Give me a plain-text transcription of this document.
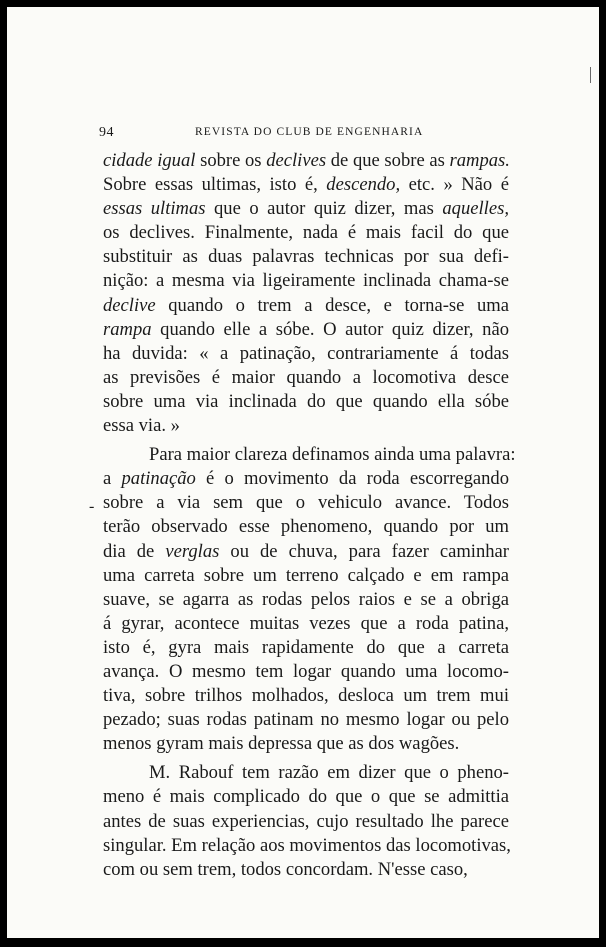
94	REVISTA DO CLUB DE ENGENHARIA
-
cidade igual sobre os declives de que sobre as rampas.
Sobre essas ultimas, isto é, descendo, etc. » Não é
essas ultimas que o autor quiz dizer, mas aquelles,
os declives. Finalmente, nada é mais facil do que
substituir as duas palavras technicas por sua defi-
nição: a mesma via ligeiramente inclinada chama-se
declive quando o trem a desce, e torna-se uma
rampa quando elle a sóbe. O autor quiz dizer, não
ha duvida: « a patinação, contrariamente á todas
as previsões é maior quando a locomotiva desce
sobre uma via inclinada do que quando ella sóbe
essa via. »
Para maior clareza definamos ainda uma palavra:
a patinação é o movimento da roda escorregando
sobre a via sem que o vehiculo avance. Todos
terão observado esse phenomeno, quando por um
dia de verglas ou de chuva, para fazer caminhar
uma carreta sobre um terreno calçado e em rampa
suave, se agarra as rodas pelos raios e se a obriga
á gyrar, acontece muitas vezes que a roda patina,
isto é, gyra mais rapidamente do que a carreta
avança. O mesmo tem logar quando uma locomo-
tiva, sobre trilhos molhados, desloca um trem mui
pezado; suas rodas patinam no mesmo logar ou pelo
menos gyram mais depressa que as dos wagões.
M. Rabouf tem razão em dizer que o pheno-
meno é mais complicado do que o que se admittia
antes de suas experiencias, cujo resultado lhe parece
singular. Em relação aos movimentos das locomotivas,
com ou sem trem, todos concordam. N'esse caso,
